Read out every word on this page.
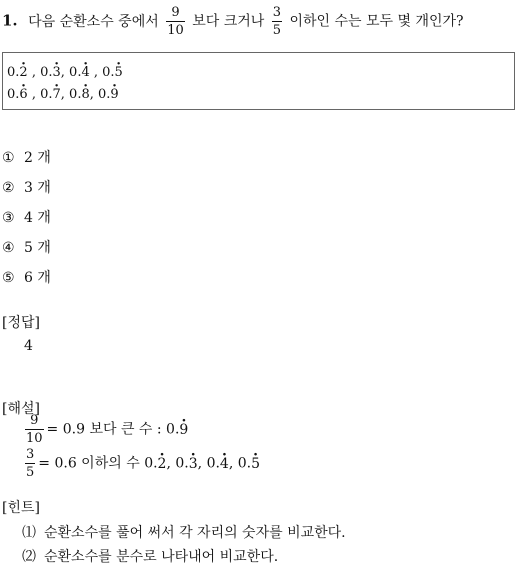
1. 다음 순환소수 중에서 $\frac{9}{10}$ 보다 크거나 $\frac{3}{5}$ 이하인 수는 모두 몇 개인가?
0.2 · , 0.3 ·, 0.4 · , 0.5 ·
0.6 · , 0.7 ·, 0.8 ·, 0.9 ·
① 2 개
② 3 개
③ 4 개
④ 5 개
⑤ 6 개
[정답]
4
[해설]
$\frac{9}{10} = 0.9$ 보다 큰 수 : 0.9 ·
$\frac{3}{5} = 0.6$ 이하의 수 0.2 ·, 0.3 ·, 0.4 ·, 0.5 ·
[힌트]
⑴ 순환소수를 풀어 써서 각 자리의 숫자를 비교한다.
⑵ 순환소수를 분수로 나타내어 비교한다.
